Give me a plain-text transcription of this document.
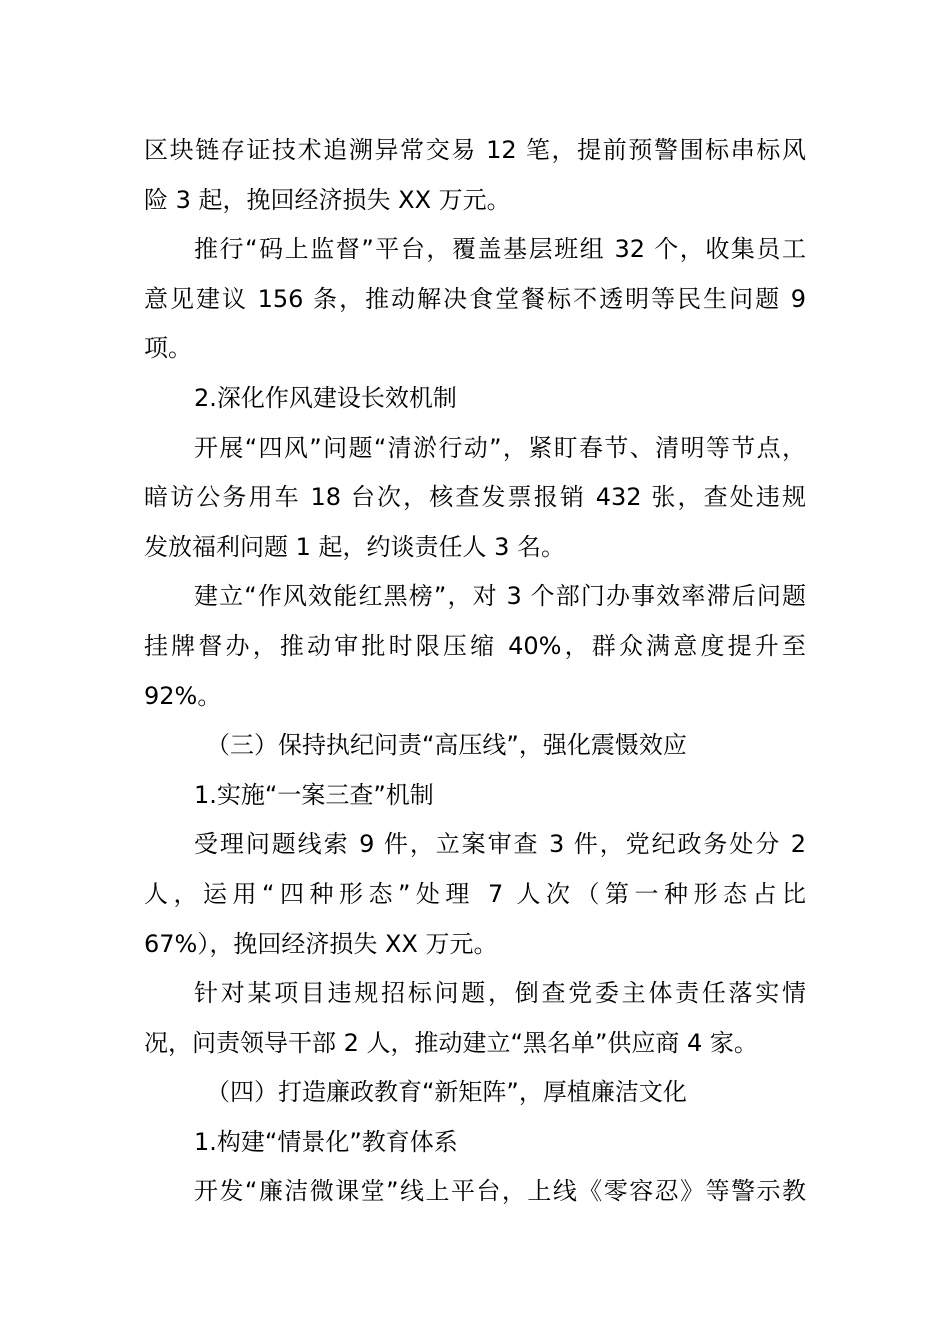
区块链存证技术追溯异常交易 12 笔，提前预警围标串标风
险 3 起，挽回经济损失 XX 万元。

推行“码上监督”平台，覆盖基层班组 32 个，收集员工
意见建议 156 条，推动解决食堂餐标不透明等民生问题 9
项。

2.深化作风建设长效机制

开展“四风”问题“清淤行动”，紧盯春节、清明等节点，
暗访公务用车 18 台次，核查发票报销 432 张，查处违规
发放福利问题 1 起，约谈责任人 3 名。

建立“作风效能红黑榜”，对 3 个部门办事效率滞后问题
挂牌督办，推动审批时限压缩 40%，群众满意度提升至
92%。

（三）保持执纪问责“高压线”，强化震慑效应

1.实施“一案三查”机制

受理问题线索 9 件，立案审查 3 件，党纪政务处分 2
人，运用“四种形态”处理 7 人次（第一种形态占比
67%），挽回经济损失 XX 万元。

针对某项目违规招标问题，倒查党委主体责任落实情
况，问责领导干部 2 人，推动建立“黑名单”供应商 4 家。

（四）打造廉政教育“新矩阵”，厚植廉洁文化

1.构建“情景化”教育体系

开发“廉洁微课堂”线上平台，上线《零容忍》等警示教
